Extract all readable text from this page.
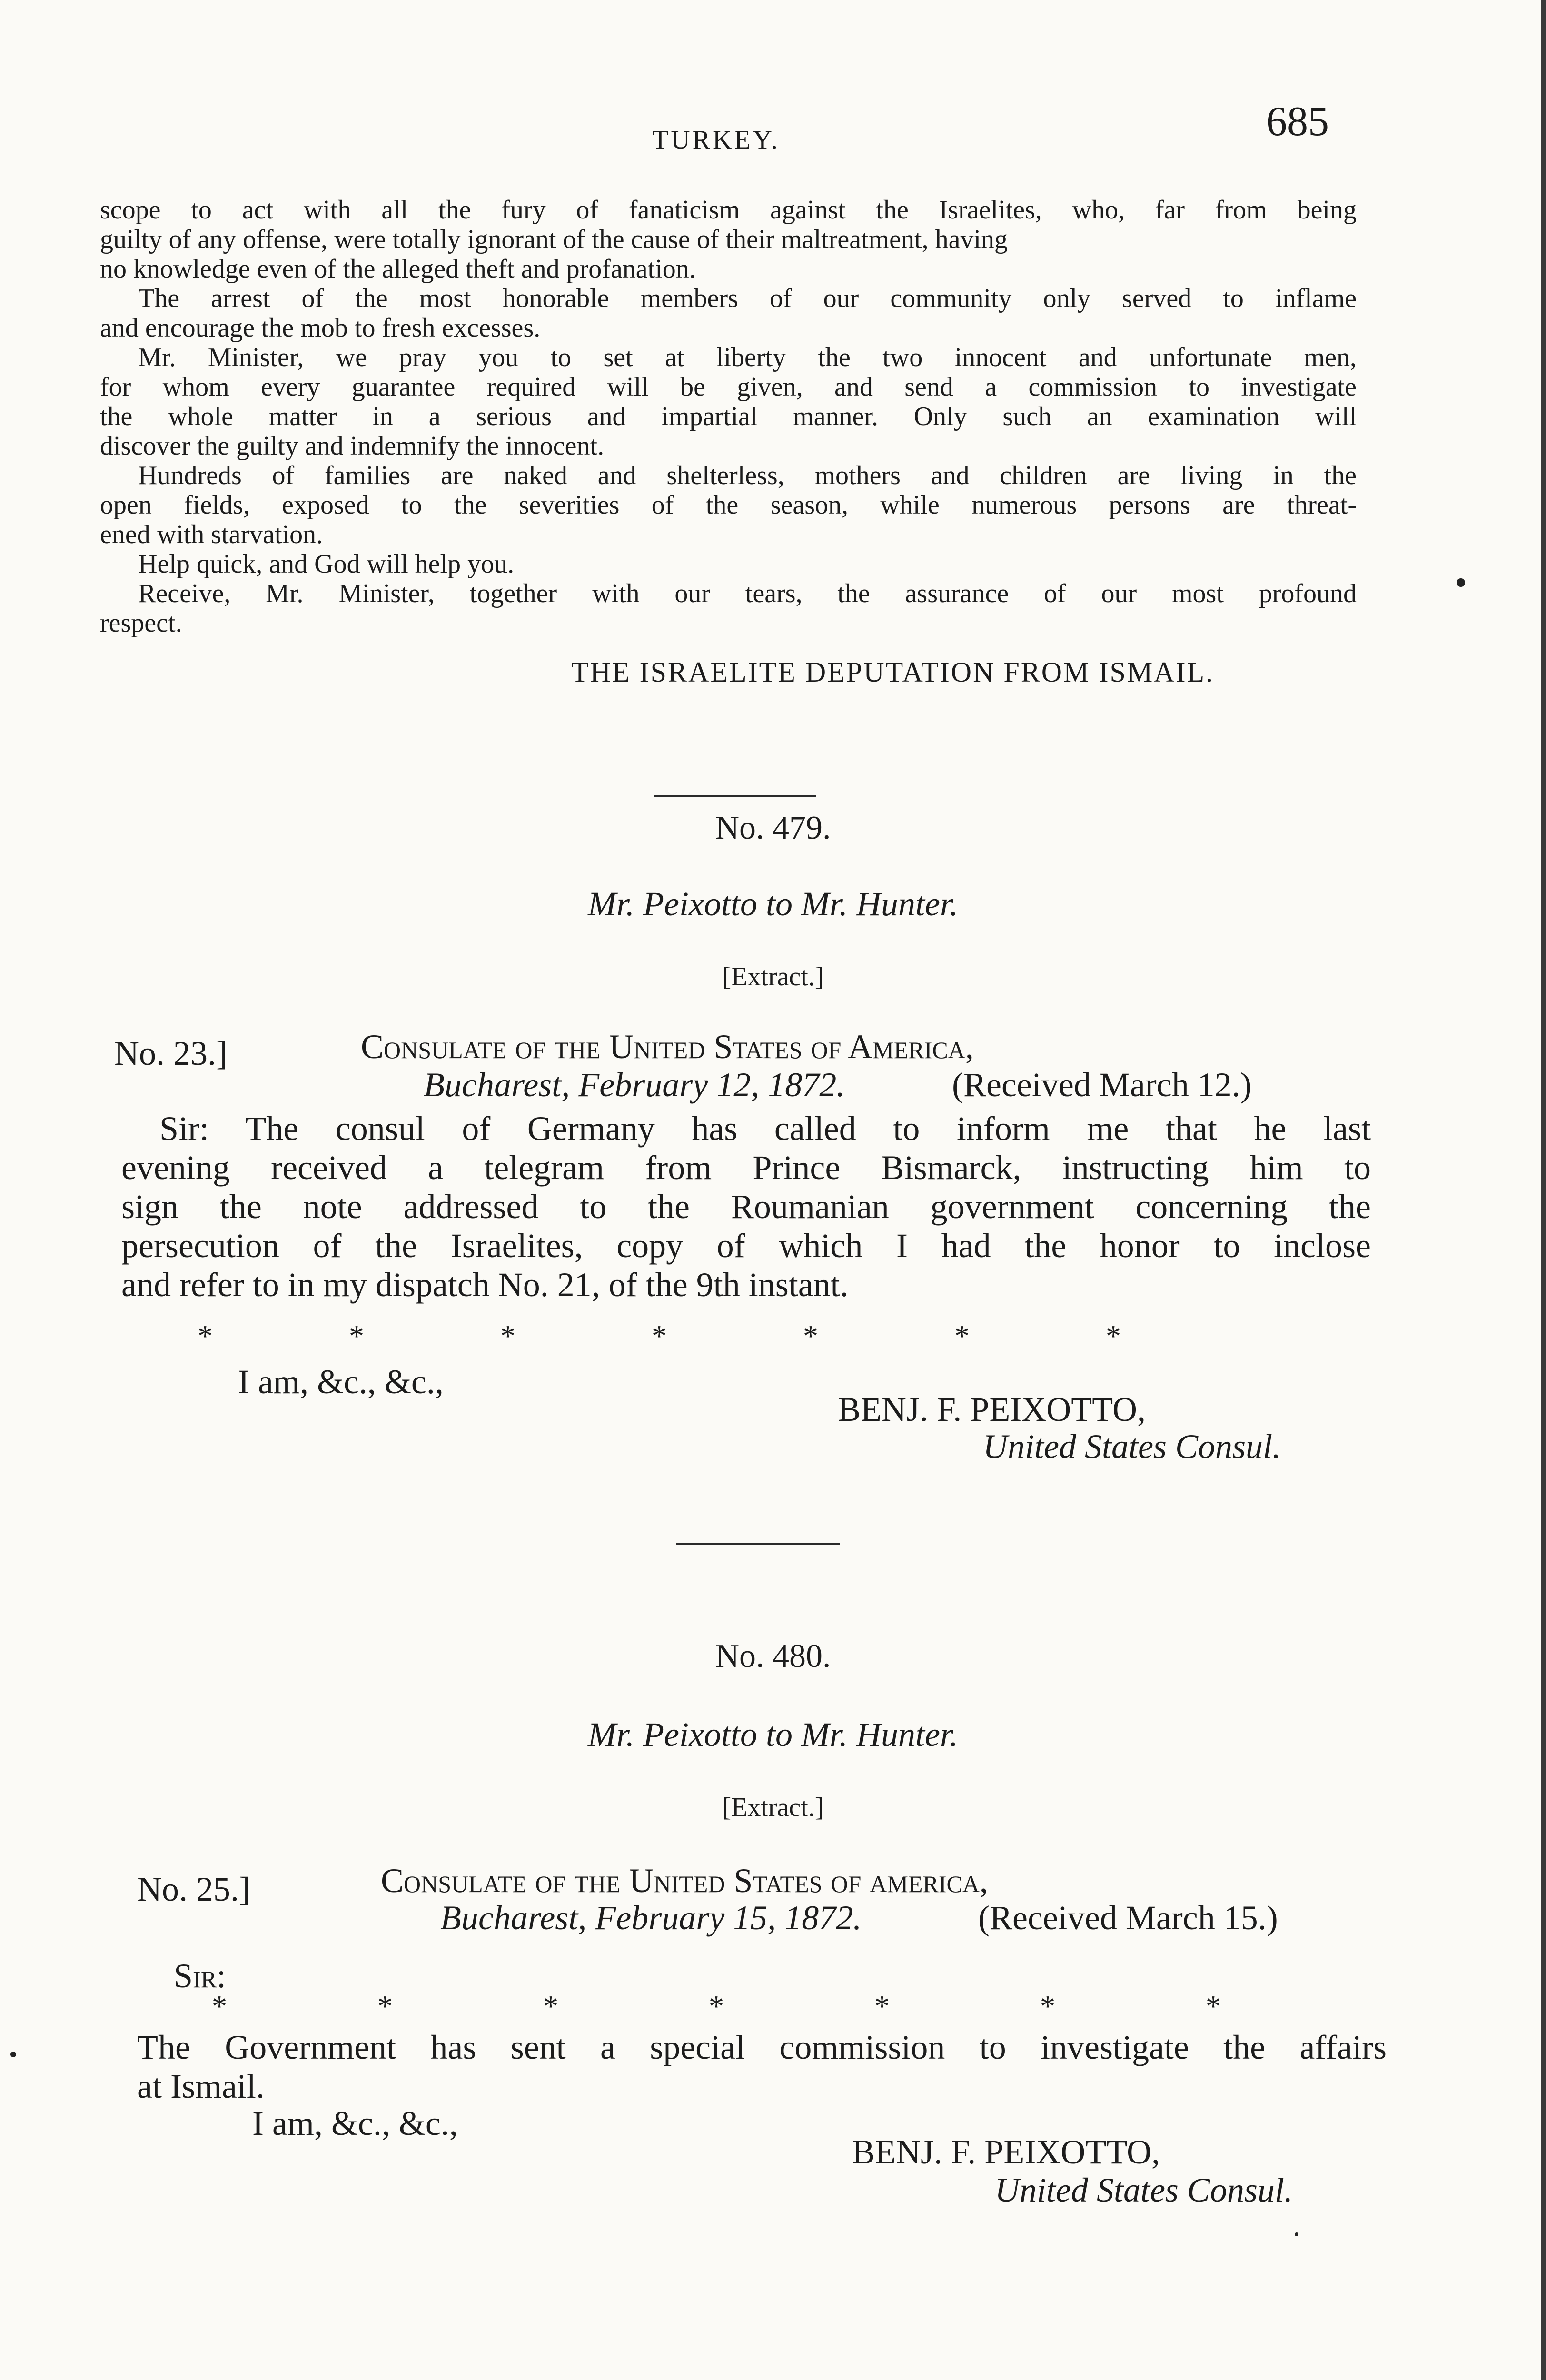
TURKEY.	685
scope to act with all the fury of fanaticism against the Israelites, who, far from being
guilty of any offense, were totally ignorant of the cause of their maltreatment, having
no knowledge even of the alleged theft and profanation.
The arrest of the most honorable members of our community only served to inflame
and encourage the mob to fresh excesses.
Mr. Minister, we pray you to set at liberty the two innocent and unfortunate men,
for whom every guarantee required will be given, and send a commission to investigate
the whole matter in a serious and impartial manner. Only such an examination will
discover the guilty and indemnify the innocent.
Hundreds of families are naked and shelterless, mothers and children are living in the
open fields, exposed to the severities of the season, while numerous persons are threat-
ened with starvation.
Help quick, and God will help you.
Receive, Mr. Minister, together with our tears, the assurance of our most profound
respect.
THE ISRAELITE DEPUTATION FROM ISMAIL.
No. 479.
Mr. Peixotto to Mr. Hunter.
[Extract.]
No. 23.]	Consulate of the United States of America,
Bucharest, February 12, 1872.	(Received March 12.)
Sir: The consul of Germany has called to inform me that he last
evening received a telegram from Prince Bismarck, instructing him to
sign the note addressed to the Roumanian government concerning the
persecution of the Israelites, copy of which I had the honor to inclose
and refer to in my dispatch No. 21, of the 9th instant.
* * * * * * *
I am, &c., &c.,
BENJ. F. PEIXOTTO,
United States Consul.
No. 480.
Mr. Peixotto to Mr. Hunter.
[Extract.]
No. 25.]	Consulate of the United States of america,
Bucharest, February 15, 1872.	(Received March 15.)
Sir:
* * * * * * *
The Government has sent a special commission to investigate the affairs
at Ismail.
I am, &c., &c.,
BENJ. F. PEIXOTTO,
United States Consul.
